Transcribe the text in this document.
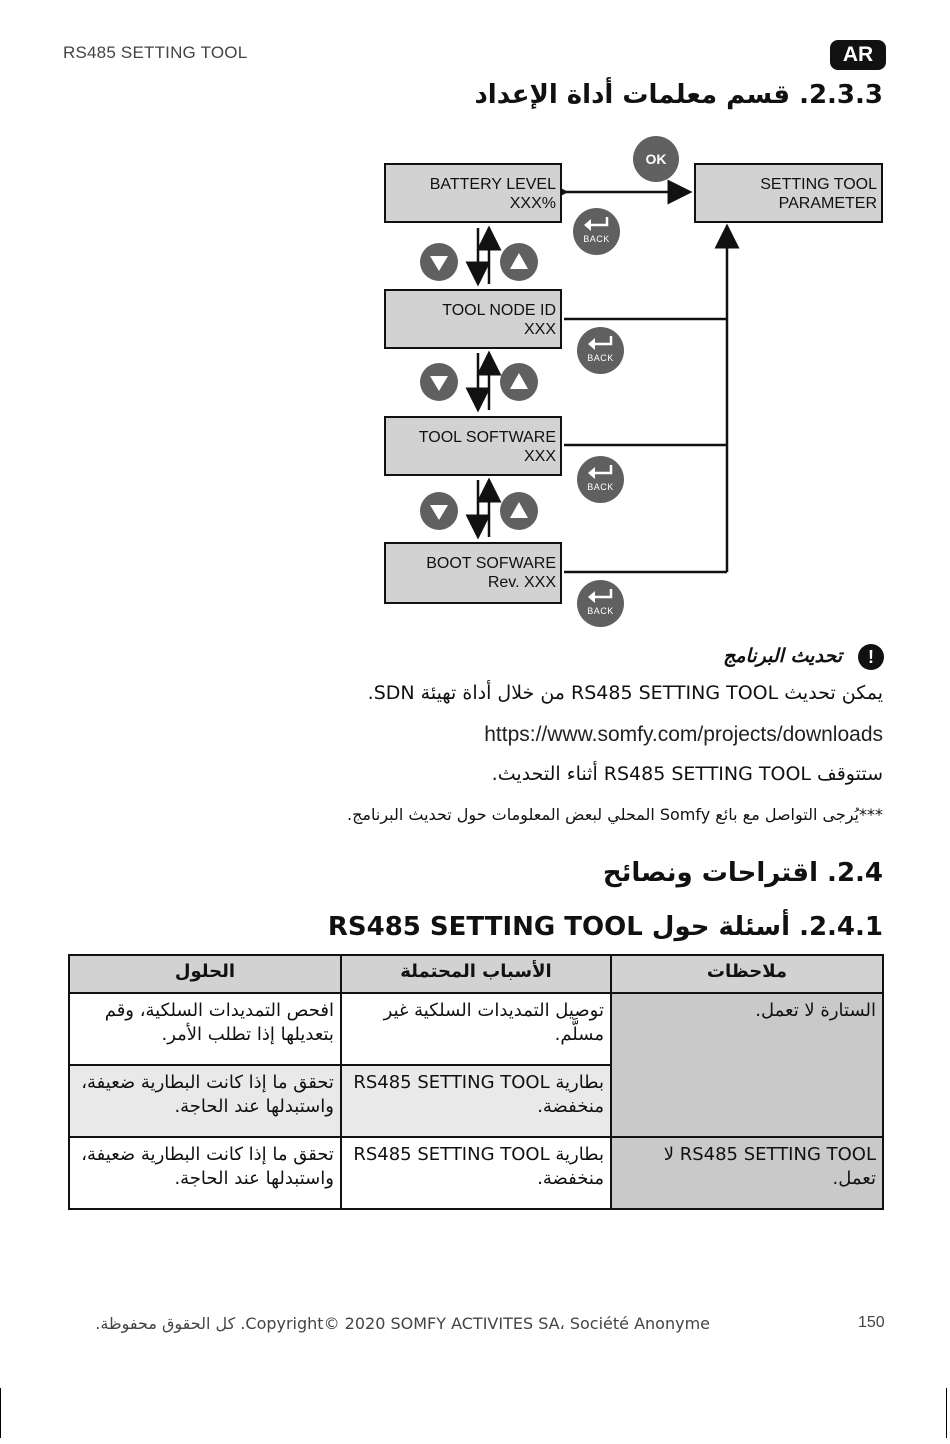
RS485 SETTING TOOL	AR
2.3.3. قسم معلمات أداة الإعداد
BATTERY LEVEL
XXX%
SETTING TOOL
PARAMETER
TOOL NODE ID
XXX
TOOL SOFTWARE
XXX
BOOT SOFWARE
Rev. XXX
OK
BACK
BACK
BACK
BACK
!
تحديث البرنامج
يمكن تحديث RS485 SETTING TOOL من خلال أداة تهيئة SDN.
https://www.somfy.com/projects/downloads
ستتوقف RS485 SETTING TOOL أثناء التحديث.
***يُرجى التواصل مع بائع Somfy المحلي لبعض المعلومات حول تحديث البرنامج.
2.4. اقتراحات ونصائح
2.4.1. أسئلة حول RS485 SETTING TOOL
ملاحظات	الأسباب المحتملة	الحلول
الستارة لا تعمل.	توصيل التمديدات السلكية غير مسلَّم.	افحص التمديدات السلكية، وقم بتعديلها إذا تطلب الأمر.
	بطارية RS485 SETTING TOOL منخفضة.	تحقق ما إذا كانت البطارية ضعيفة، واستبدلها عند الحاجة.
RS485 SETTING TOOL لا تعمل.	بطارية RS485 SETTING TOOL منخفضة.	تحقق ما إذا كانت البطارية ضعيفة، واستبدلها عند الحاجة.
Copyright© 2020 SOMFY ACTIVITES SA، Société Anonyme. كل الحقوق محفوظة.	150
